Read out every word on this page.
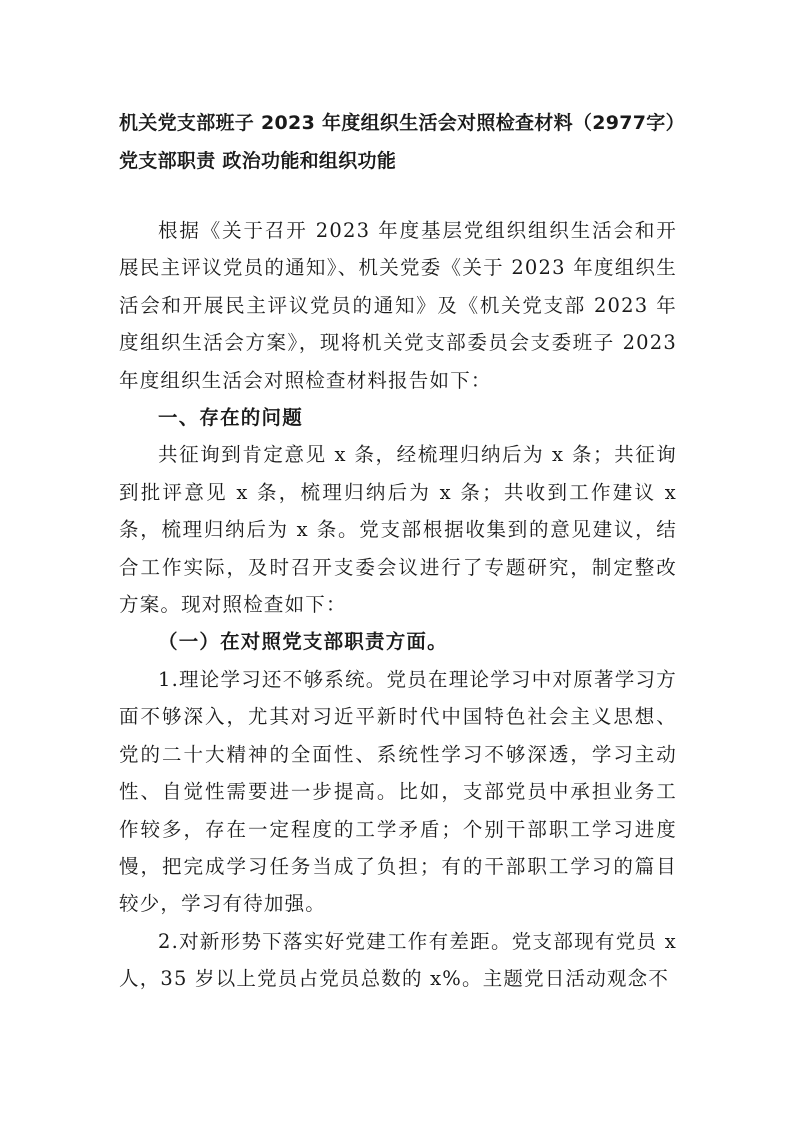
机关党支部班子 2023 年度组织生活会对照检查材料（2977字）党支部职责 政治功能和组织功能

根据《关于召开 2023 年度基层党组织组织生活会和开展民主评议党员的通知》、机关党委《关于 2023 年度组织生活会和开展民主评议党员的通知》及《机关党支部 2023 年度组织生活会方案》，现将机关党支部委员会支委班子 2023 年度组织生活会对照检查材料报告如下：

一、存在的问题

共征询到肯定意见 x 条，经梳理归纳后为 x 条；共征询到批评意见 x 条，梳理归纳后为 x 条；共收到工作建议 x 条，梳理归纳后为 x 条。党支部根据收集到的意见建议，结合工作实际，及时召开支委会议进行了专题研究，制定整改方案。现对照检查如下：

（一）在对照党支部职责方面。

1.理论学习还不够系统。党员在理论学习中对原著学习方面不够深入，尤其对习近平新时代中国特色社会主义思想、党的二十大精神的全面性、系统性学习不够深透，学习主动性、自觉性需要进一步提高。比如，支部党员中承担业务工作较多，存在一定程度的工学矛盾；个别干部职工学习进度慢，把完成学习任务当成了负担；有的干部职工学习的篇目较少，学习有待加强。

2.对新形势下落实好党建工作有差距。党支部现有党员 x 人，35 岁以上党员占党员总数的 x%。主题党日活动观念不
